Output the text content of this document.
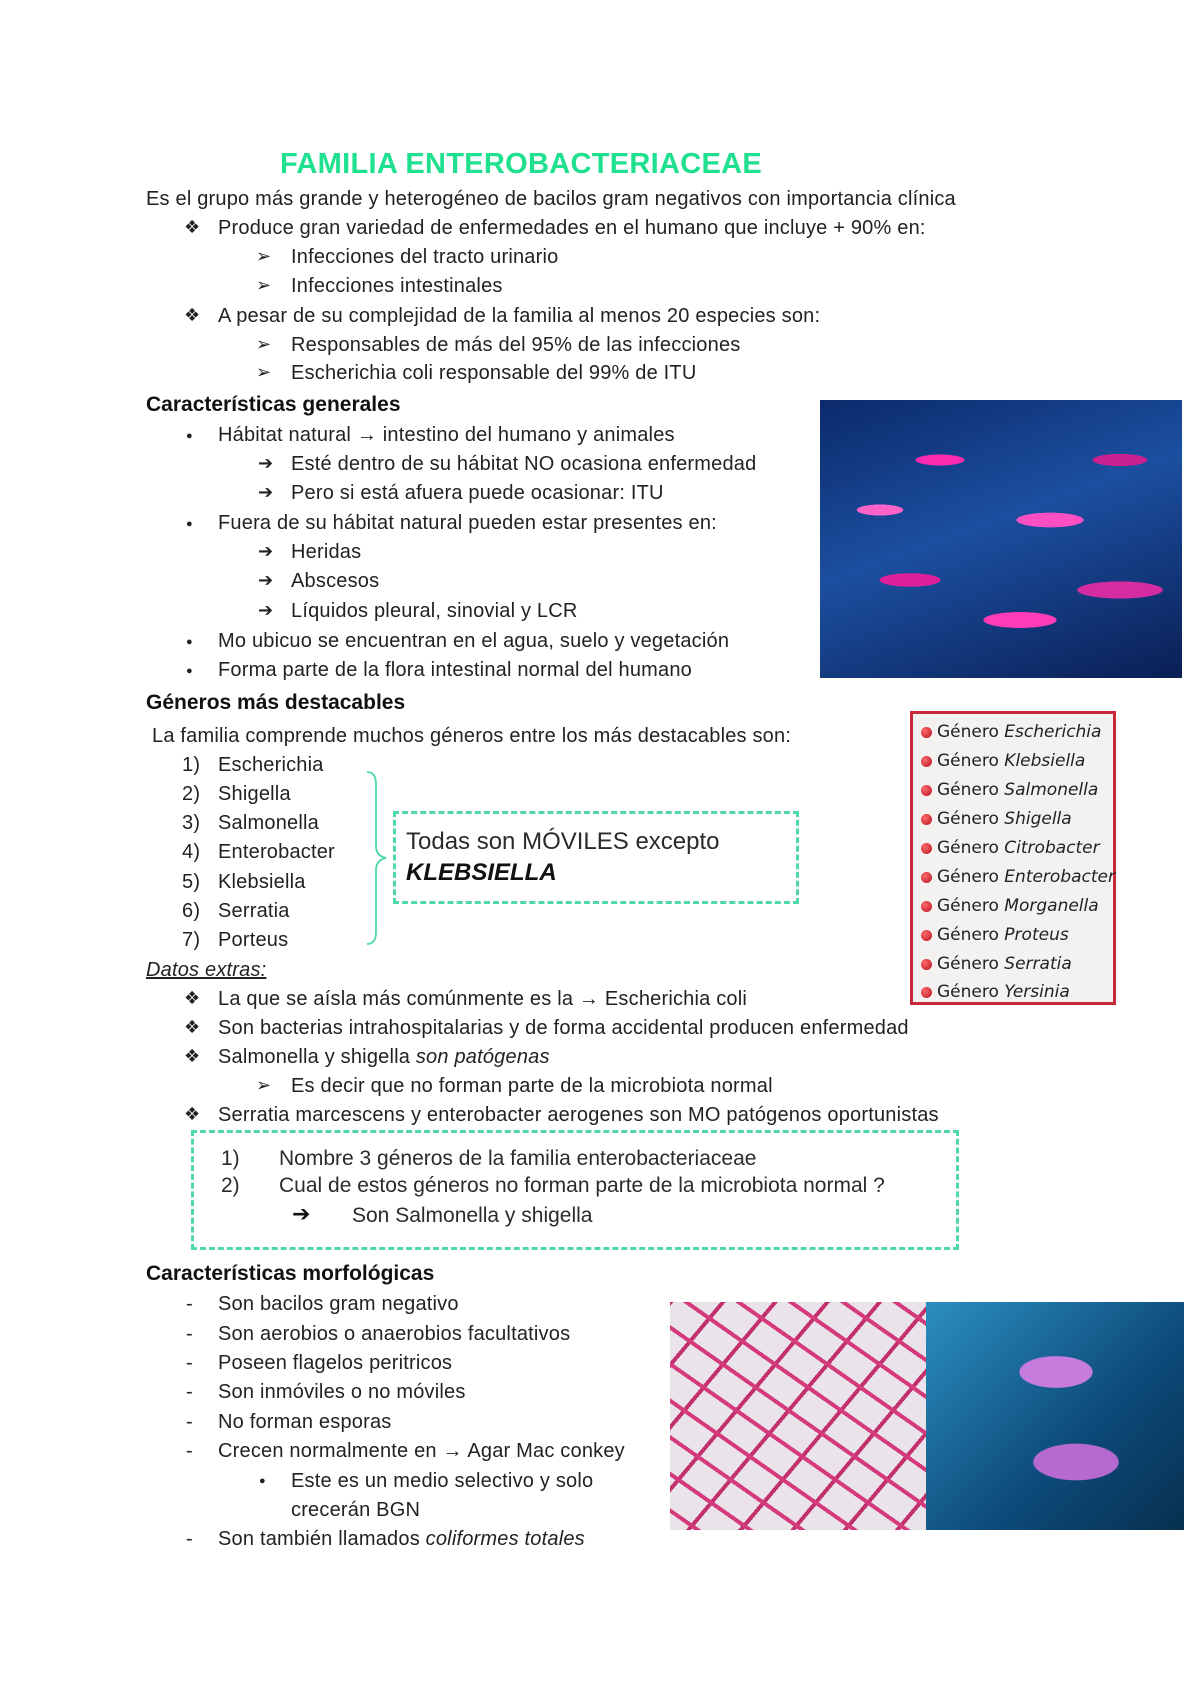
FAMILIA ENTEROBACTERIACEAE
Es el grupo más grande y heterogéneo de bacilos gram negativos con importancia clínica
❖ Produce gran variedad de enfermedades en el humano que incluye + 90% en:
➢ Infecciones del tracto urinario
➢ Infecciones intestinales
❖ A pesar de su complejidad de la familia al menos 20 especies son:
➢ Responsables de más del 95% de las infecciones
➢ Escherichia coli responsable del 99% de ITU
Características generales
● Hábitat natural → intestino del humano y animales
➔ Esté dentro de su hábitat NO ocasiona enfermedad
➔ Pero si está afuera puede ocasionar: ITU
● Fuera de su hábitat natural pueden estar presentes en:
➔ Heridas
➔ Abscesos
➔ Líquidos pleural, sinovial y LCR
● Mo ubicuo se encuentran en el agua, suelo y vegetación
● Forma parte de la flora intestinal normal del humano
Géneros más destacables
La familia comprende muchos géneros entre los más destacables son:
1) Escherichia
2) Shigella
3) Salmonella
4) Enterobacter
5) Klebsiella
6) Serratia
7) Porteus
Todas son MÓVILES excepto
KLEBSIELLA
Género Escherichia
Género Klebsiella
Género Salmonella
Género Shigella
Género Citrobacter
Género Enterobacter
Género Morganella
Género Proteus
Género Serratia
Género Yersinia
Datos extras:
❖ La que se aísla más comúnmente es la → Escherichia coli
❖ Son bacterias intrahospitalarias y de forma accidental producen enfermedad
❖ Salmonella y shigella son patógenas
➢ Es decir que no forman parte de la microbiota normal
❖ Serratia marcescens y enterobacter aerogenes son MO patógenos oportunistas
1) Nombre 3 géneros de la familia enterobacteriaceae
2) Cual de estos géneros no forman parte de la microbiota normal ?
➔ Son Salmonella y shigella
Características morfológicas
- Son bacilos gram negativo
- Son aerobios o anaerobios facultativos
- Poseen flagelos peritricos
- Son inmóviles o no móviles
- No forman esporas
- Crecen normalmente en → Agar Mac conkey
● Este es un medio selectivo y solo
crecerán BGN
- Son también llamados coliformes totales
